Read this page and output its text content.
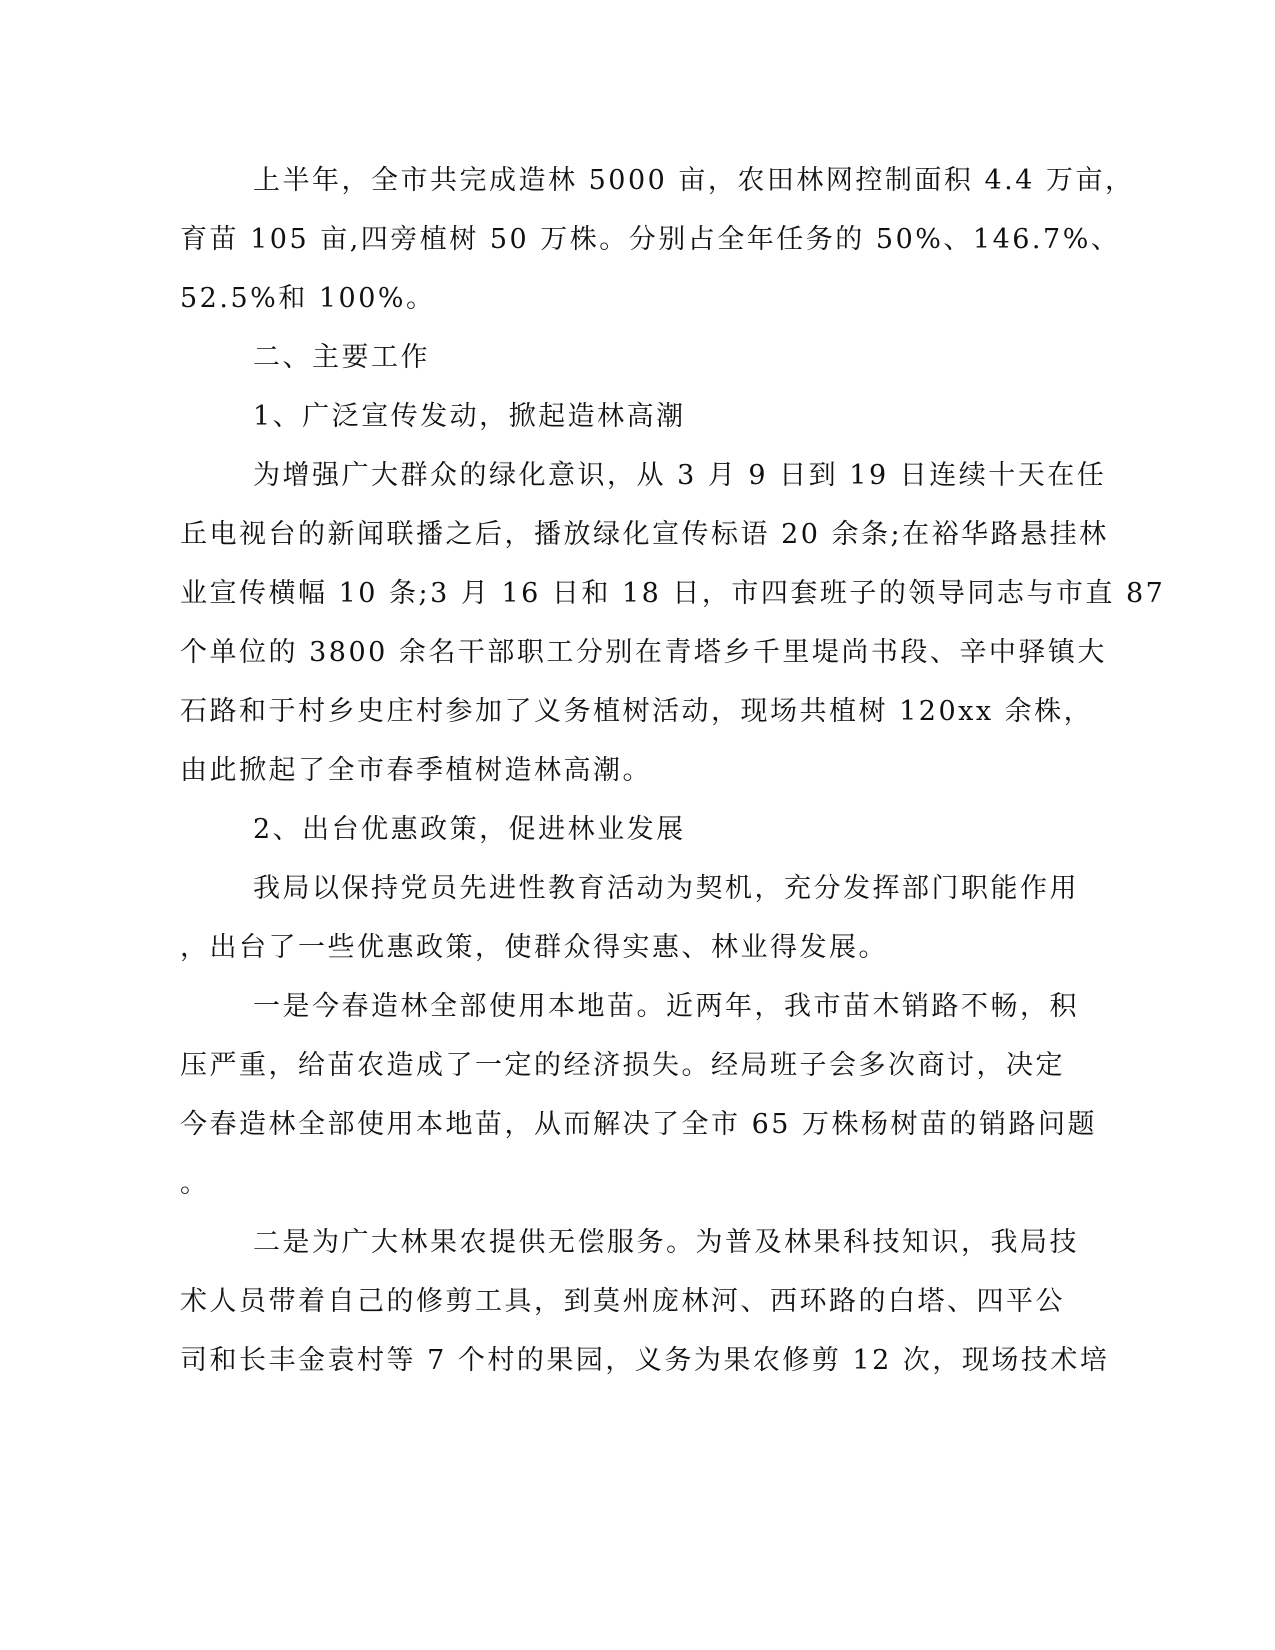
上半年，全市共完成造林 5000 亩，农田林网控制面积 4.4 万亩，
育苗 105 亩,四旁植树 50 万株。分别占全年任务的 50%、146.7%、
52.5%和 100%。
二、主要工作
1、广泛宣传发动，掀起造林高潮
为增强广大群众的绿化意识，从 3 月 9 日到 19 日连续十天在任
丘电视台的新闻联播之后，播放绿化宣传标语 20 余条;在裕华路悬挂林
业宣传横幅 10 条;3 月 16 日和 18 日，市四套班子的领导同志与市直 87
个单位的 3800 余名干部职工分别在青塔乡千里堤尚书段、辛中驿镇大
石路和于村乡史庄村参加了义务植树活动，现场共植树 120xx 余株，
由此掀起了全市春季植树造林高潮。
2、出台优惠政策，促进林业发展
我局以保持党员先进性教育活动为契机，充分发挥部门职能作用
，出台了一些优惠政策，使群众得实惠、林业得发展。
一是今春造林全部使用本地苗。近两年，我市苗木销路不畅，积
压严重，给苗农造成了一定的经济损失。经局班子会多次商讨，决定
今春造林全部使用本地苗，从而解决了全市 65 万株杨树苗的销路问题
。
二是为广大林果农提供无偿服务。为普及林果科技知识，我局技
术人员带着自己的修剪工具，到莫州庞林河、西环路的白塔、四平公
司和长丰金袁村等 7 个村的果园，义务为果农修剪 12 次，现场技术培
